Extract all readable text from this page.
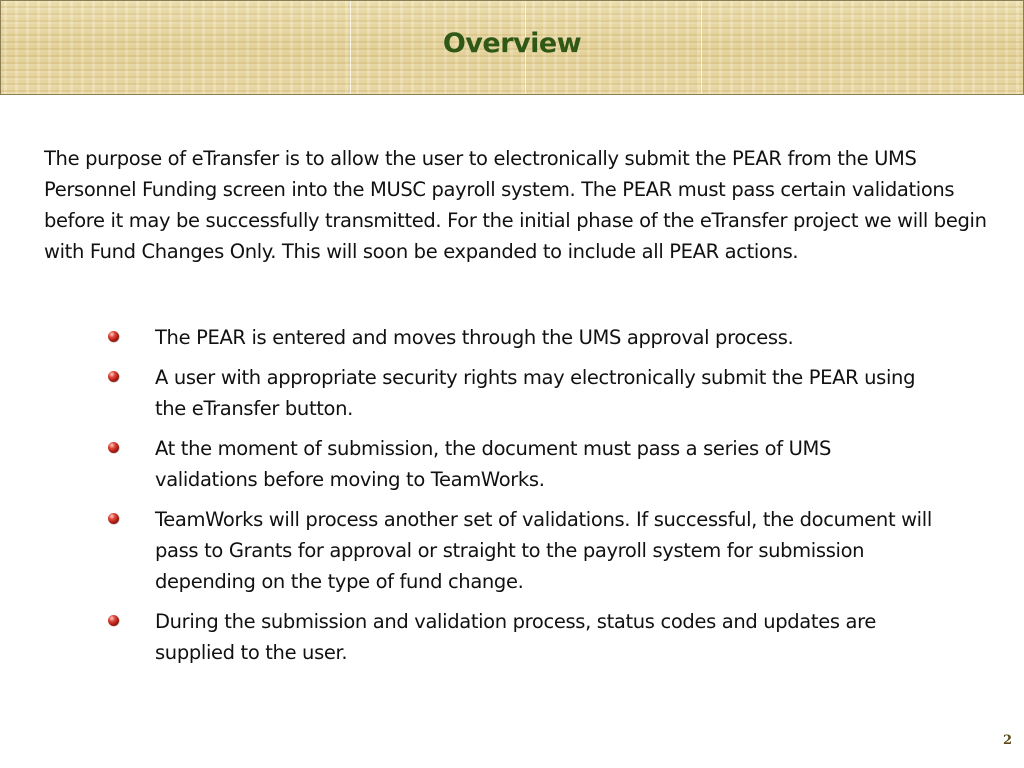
Overview

The purpose of eTransfer is to allow the user to electronically submit the PEAR from the UMS Personnel Funding screen into the MUSC payroll system. The PEAR must pass certain validations before it may be successfully transmitted. For the initial phase of the eTransfer project we will begin with Fund Changes Only. This will soon be expanded to include all PEAR actions.

The PEAR is entered and moves through the UMS approval process.
A user with appropriate security rights may electronically submit the PEAR using the eTransfer button.
At the moment of submission, the document must pass a series of UMS validations before moving to TeamWorks.
TeamWorks will process another set of validations. If successful, the document will pass to Grants for approval or straight to the payroll system for submission depending on the type of fund change.
During the submission and validation process, status codes and updates are supplied to the user.
2
